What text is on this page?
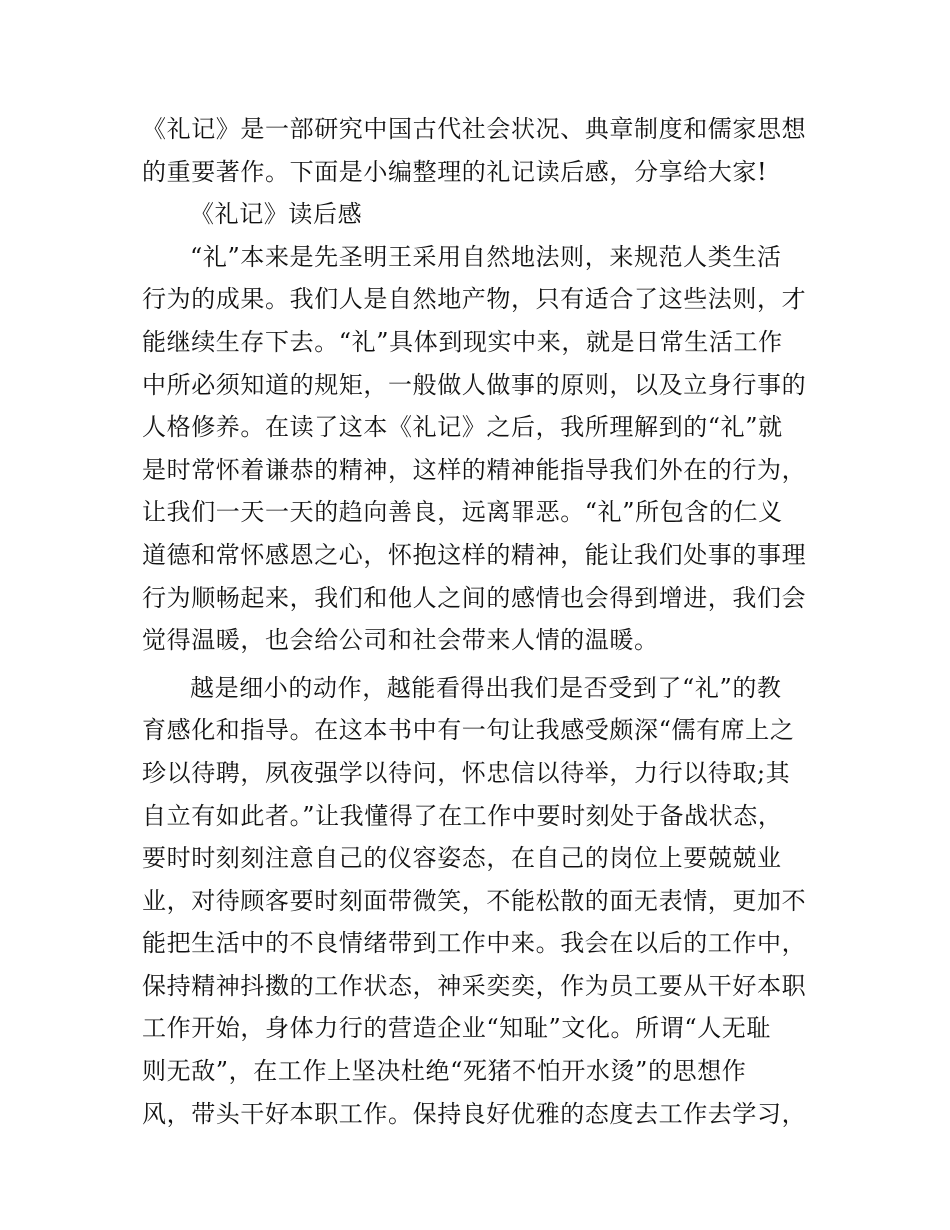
《礼记》是一部研究中国古代社会状况、典章制度和儒家思想
的重要著作。下面是小编整理的礼记读后感，分享给大家!
《礼记》读后感
“礼”本来是先圣明王采用自然地法则，来规范人类生活
行为的成果。我们人是自然地产物，只有适合了这些法则，才
能继续生存下去。“礼”具体到现实中来，就是日常生活工作
中所必须知道的规矩，一般做人做事的原则，以及立身行事的
人格修养。在读了这本《礼记》之后，我所理解到的“礼”就
是时常怀着谦恭的精神，这样的精神能指导我们外在的行为，
让我们一天一天的趋向善良，远离罪恶。“礼”所包含的仁义
道德和常怀感恩之心，怀抱这样的精神，能让我们处事的事理
行为顺畅起来，我们和他人之间的感情也会得到增进，我们会
觉得温暖，也会给公司和社会带来人情的温暖。
越是细小的动作，越能看得出我们是否受到了“礼”的教
育感化和指导。在这本书中有一句让我感受颇深“儒有席上之
珍以待聘，夙夜强学以待问，怀忠信以待举，力行以待取;其
自立有如此者。”让我懂得了在工作中要时刻处于备战状态，
要时时刻刻注意自己的仪容姿态，在自己的岗位上要兢兢业
业，对待顾客要时刻面带微笑，不能松散的面无表情，更加不
能把生活中的不良情绪带到工作中来。我会在以后的工作中，
保持精神抖擞的工作状态，神采奕奕，作为员工要从干好本职
工作开始，身体力行的营造企业“知耻”文化。所谓“人无耻
则无敌”，在工作上坚决杜绝“死猪不怕开水烫”的思想作
风，带头干好本职工作。保持良好优雅的态度去工作去学习，
